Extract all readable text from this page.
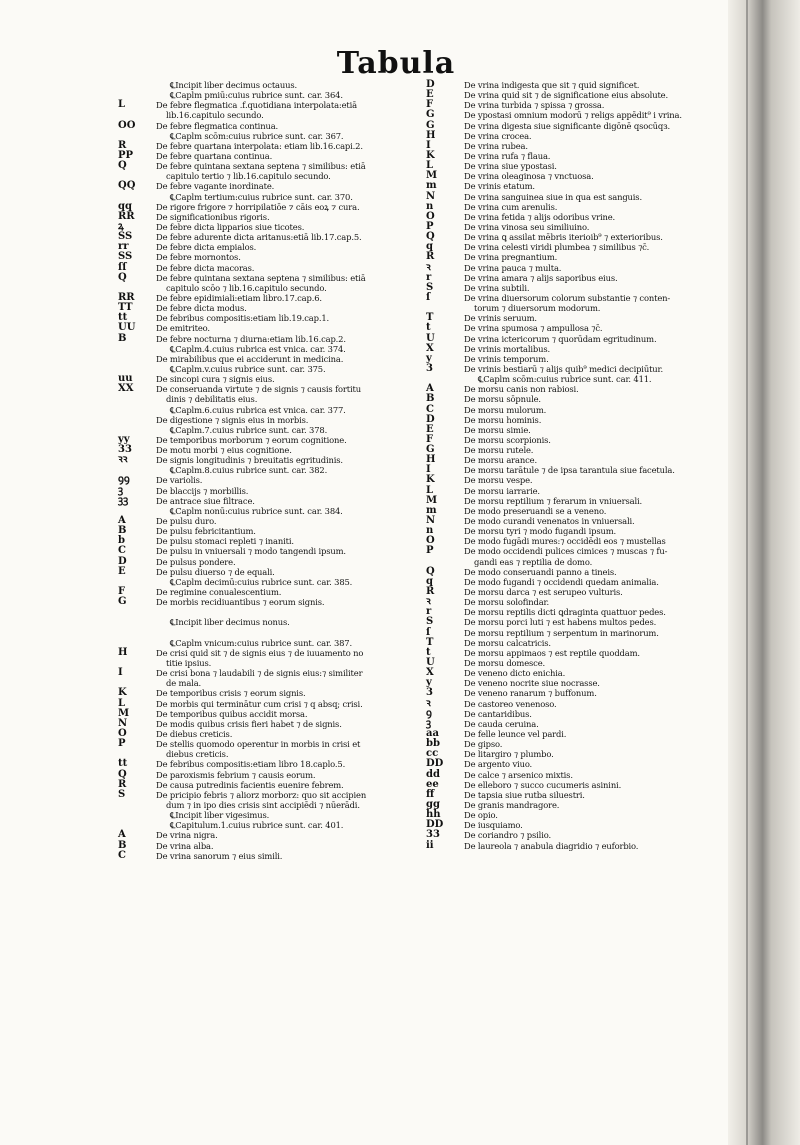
Tabula
℄Incipit liber decimus octauus.
℄Caplm pmiū:cuius rubrice sunt. car. 364.
L	De febre flegmatica .f.quotidiana interpolata:etiā
lib.16.capitulo secundo.
OO	De febre flegmatica continua.
℄Caplm scōm:cuius rubrice sunt. car. 367.
R	De febre quartana interpolata: etiam lib.16.capi.2.
PP	De febre quartana continua.
Q	De febre quintana sextana septena ⁊ similibus: etiā
capitulo tertio ⁊ lib.16.capitulo secundo.
QQ	De febre vagante inordinate.
℄Caplm tertium:cuius rubrice sunt. car. 370.
qq	De rigore frigore ⁊ horripilatiōe ⁊ cāis eoꝝ ⁊ cura.
RR	De significationibus rigoris.
ꝝ	De febre dicta lipparios siue ticotes.
SS	De febre adurente dicta aritanus:etiā lib.17.cap.5.
rr	De febre dicta empialos.
SS	De febre mornontos.
ſſ	De febre dicta macoras.
Q	De febre quintana sextana septena ⁊ similibus: etiā
capitulo scōo ⁊ lib.16.capitulo secundo.
RR	De febre epidimiali:etiam libro.17.cap.6.
TT	De febre dicta modus.
tt	De febribus compositis:etiam lib.19.cap.1.
UU	De emitriteo.
B	De febre nocturna ⁊ diurna:etiam lib.16.cap.2.
℄Caplm.4.cuius rubrica est vnica. car. 374.
De mirabilibus que ei acciderunt in medicina.
℄Caplm.v.cuius rubrice sunt. car. 375.
uu	De sincopi cura ⁊ signis eius.
XX	De conseruanda virtute ⁊ de signis ⁊ causis fortitu
dinis ⁊ debilitatis eius.
℄Caplm.6.cuius rubrica est vnica. car. 377.
De digestione ⁊ signis eius in morbis.
℄Caplm.7.cuius rubrice sunt. car. 378.
yy	De temporibus morborum ⁊ eorum cognitione.
33	De motu morbi ⁊ eius cognitione.
ꝛꝛ	De signis longitudinis ⁊ breuitatis egritudinis.
℄Caplm.8.cuius rubrice sunt. car. 382.
ꝯꝯ	De variolis.
ꝫ	De blaccijs ⁊ morbillis.
ꝫꝫ	De antrace siue filtrace.
℄Caplm nonū:cuius rubrice sunt. car. 384.
A	De pulsu duro.
B	De pulsu febricitantium.
b	De pulsu stomaci repleti ⁊ inaniti.
C	De pulsu in vniuersali ⁊ modo tangendi ipsum.
D	De pulsus pondere.
E	De pulsu diuerso ⁊ de equali.
℄Caplm decimū:cuius rubrice sunt. car. 385.
F	De regimine conualescentium.
G	De morbis recidiuantibus ⁊ eorum signis.
℄Incipit liber decimus nonus.
℄Caplm vnicum:cuius rubrice sunt. car. 387.
H	De crisi quid sit ⁊ de signis eius ⁊ de iuuamento no
titie ipsius.
I	De crisi bona ⁊ laudabili ⁊ de signis eius:⁊ similiter
de mala.
K	De temporibus crisis ⁊ eorum signis.
L	De morbis qui terminātur cum crisi ⁊ q absq; crisi.
M	De temporibus quibus accidit morsa.
N	De modis quibus crisis fieri habet ⁊ de signis.
O	De diebus creticis.
P	De stellis quomodo operentur in morbis in crisi et
diebus creticis.
tt	De febribus compositis:etiam libro 18.caplo.5.
Q	De paroxismis febrium ⁊ causis eorum.
R	De causa putredinis facientis euenire febrem.
S	De pricipio febris ⁊ aliorz morborz: quo sit accipien
dum ⁊ in ipo dies crisis sint accipiēdi ⁊ nūerādi.
℄Incipit liber vigesimus.
℄Capitulum.1.cuius rubrice sunt. car. 401.
A	De vrina nigra.
B	De vrina alba.
C	De vrina sanorum ⁊ eius simili.
D	De vrina indigesta que sit ⁊ quid significet.
E	De vrina quid sit ⁊ de significatione eius absolute.
F	De vrina turbida ⁊ spissa ⁊ grossa.
G	De ypostasi omnium modorū ⁊ religs appēdit⁹ i vrina.
G	De vrina digesta siue significante digōnē qsocūqз.
H	De vrina crocea.
I	De vrina rubea.
K	De vrina rufa ⁊ flaua.
L	De vrina siue ypostasi.
M	De vrina oleaginosa ⁊ vnctuosa.
m	De vrinis etatum.
N	De vrina sanguinea siue in qua est sanguis.
n	De vrina cum arenulis.
O	De vrina fetida ⁊ alijs odoribus vrine.
P	De vrina vinosa seu similiuino.
Q	De vrina ꝗ assilat mēbris iterioib⁹ ⁊ exterioribus.
q	De vrina celesti viridi plumbea ⁊ similibus ⁊c̄.
R	De vrina pregnantium.
ꝛ	De vrina pauca ⁊ multa.
r	De vrina amara ⁊ alijs saporibus eius.
S	De vrina subtili.
ſ	De vrina diuersorum colorum substantie ⁊ conten-
torum ⁊ diuersorum modorum.
T	De vrinis seruum.
t	De vrina spumosa ⁊ ampullosa ⁊c̄.
U	De vrina ictericorum ⁊ quorūdam egritudinum.
X	De vrinis mortalibus.
y	De vrinis temporum.
3	De vrinis bestiarū ⁊ alijs quib⁹ medici decipiūtur.
℄Caplm scōm:cuius rubrice sunt. car. 411.
A	De morsu canis non rabiosi.
B	De morsu sōpnule.
C	De morsu mulorum.
D	De morsu hominis.
E	De morsu simie.
F	De morsu scorpionis.
G	De morsu rutele.
H	De morsu arance.
I	De morsu tarātule ⁊ de ipsa tarantula siue facetula.
K	De morsu vespe.
L	De morsu iarrarie.
M	De morsu reptilium ⁊ ferarum in vniuersali.
m	De modo preseruandi se a veneno.
N	De modo curandi venenatos in vniuersali.
n	De morsu tyri ⁊ modo fugandi ipsum.
O	De modo fugādi mures:⁊ occidēdi eos ⁊ mustellas
P	De modo occidendi pulices cimices ⁊ muscas ⁊ fu-
gandi eas ⁊ reptilia de domo.
Q	De modo conseruandi panno a tineis.
q	De modo fugandi ⁊ occidendi quedam animalia.
R	De morsu darca ⁊ est serupeo vulturis.
ꝛ	De morsu solofindar.
r	De morsu reptilis dicti ꝗdraginta quattuor pedes.
S	De morsu porci luti ⁊ est habens multos pedes.
ſ	De morsu reptilium ⁊ serpentum in marinorum.
T	De morsu calcatricis.
t	De morsu appimaos ⁊ est reptile quoddam.
U	De morsu domesce.
X	De veneno dicto enichia.
y	De veneno nocrite siue nocrasse.
3	De veneno ranarum ⁊ buffonum.
ꝛ	De castoreo venenoso.
ꝯ	De cantaridibus.
ꝫ	De cauda ceruina.
aa	De felle leunce vel pardi.
bb	De gipso.
cc	De litargiro ⁊ plumbo.
DD	De argento viuo.
dd	De calce ⁊ arsenico mixtis.
ee	De elleboro ⁊ succo cucumeris asinini.
ff	De tapsia siue rutba siluestri.
gg	De granis mandragore.
hh	De opio.
DD	De iusquiamo.
33	De coriandro ⁊ psilio.
ii	De laureola ⁊ anabula diagridio ⁊ euforbio.
